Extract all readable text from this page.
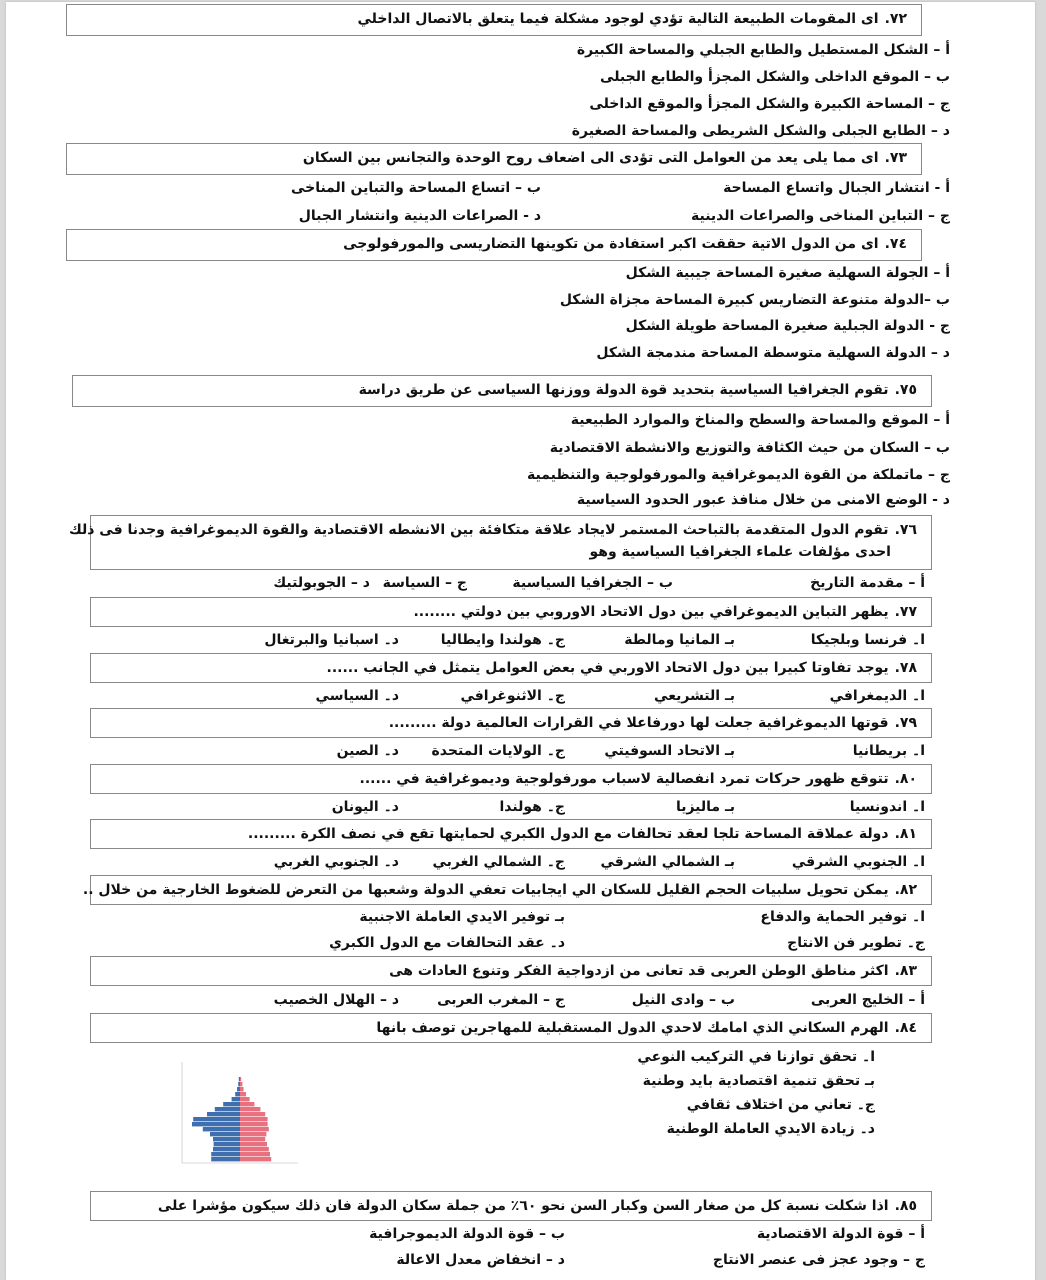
٧٢.اى المقومات الطبيعة التالية تؤدي لوجود مشكلة فيما يتعلق بالاتصال الداخلي
أ – الشكل المستطيل والطابع الجبلي والمساحة الكبيرة
ب – الموقع الداخلى والشكل المجزأ والطابع الجبلى
ج – المساحة الكبيرة والشكل المجزأ والموقع الداخلى
د – الطابع الجبلى والشكل الشريطى والمساحة الصغيرة
٧٣.اى مما يلى يعد من العوامل التى تؤدى الى اضعاف روح الوحدة والتجانس بين السكان
أ - انتشار الجبال واتساع المساحة
ب – اتساع المساحة والتباين المناخى
ج – التباين المناخى والصراعات الدينية
د - الصراعات الدينية وانتشار الجبال
٧٤.اى من الدول الاتية حققت اكبر استفادة من تكوينها التضاريسى والمورفولوجى
أ – الجولة السهلية صغيرة المساحة جيبية الشكل
ب –الدولة متنوعة التضاريس كبيرة المساحة مجزاة الشكل
ج - الدولة الجبلية صغيرة المساحة طويلة الشكل
د – الدولة السهلية متوسطة المساحة مندمجة الشكل
٧٥.تقوم الجغرافيا السياسية بتحديد قوة الدولة ووزنها السياسى عن طريق دراسة
أ – الموقع والمساحة والسطح والمناخ والموارد الطبيعية
ب – السكان من حيث الكثافة والتوزيع والانشطة الاقتصادية
ج – ماتملكة من القوة الديموغرافية والمورفولوجية والتنظيمية
د - الوضع الامنى من خلال منافذ عبور الحدود السياسية
٧٦.تقوم الدول المتقدمة بالتباحث المستمر لايجاد علاقة متكافئة بين الانشطه الاقتصادية والقوة الديموغرافية وجدنا فى ذلك
احدى مؤلفات علماء الجغرافيا السياسية وهو
أ – مقدمة التاريخ
ب – الجغرافيا السياسية
ج – السياسة
د – الجوبولتيك
٧٧.يظهر التباين الديموغرافي بين دول الاتحاد الاوروبي بين دولتي ........
ا۔ فرنسا وبلجيكا
بـ المانيا ومالطة
ج۔ هولندا وايطاليا
د۔ اسبانيا والبرتغال
٧٨.يوجد تفاوتا كبيرا بين دول الاتحاد الاوربي في بعض العوامل يتمثل في الجانب ......
ا۔ الديمغرافي
بـ التشريعي
ج۔ الاثنوغرافي
د۔ السياسي
٧٩.قوتها الديموغرافية جعلت لها دورفاعلا في القرارات العالمية دولة .........
ا۔ بريطانيا
بـ الاتحاد السوفيتي
ج۔ الولايات المتحدة
د۔ الصين
٨٠.تتوقع ظهور حركات تمرد انفصالية لاسباب مورفولوجية وديموغرافية في ......
ا۔ اندونسيا
بـ ماليزيا
ج۔ هولندا
د۔ اليونان
٨١.دولة عملاقة المساحة تلجا لعقد تحالفات مع الدول الكبري لحمايتها تقع في نصف الكرة .........
ا۔ الجنوبي الشرقي
بـ الشمالي الشرقي
ج۔ الشمالي الغربي
د۔ الجنوبي الغربي
٨٢.يمكن تحويل سلبيات الحجم القليل للسكان الي ايجابيات تعفي الدولة وشعبها من التعرض للضغوط الخارجية من خلال ..
ا۔ توفير الحماية والدفاع
بـ توفير الايدي العاملة الاجنبية
ج۔ تطوير فن الانتاج
د۔ عقد التحالفات مع الدول الكبري
٨٣.اكثر مناطق الوطن العربى قد تعانى من ازدواجية الفكر وتنوع العادات هى
أ – الخليج العربى
ب – وادى النيل
ج – المغرب العربى
د – الهلال الخصيب
٨٤.الهرم السكاني الذي امامك لاحدي الدول المستقبلية للمهاجرين توصف بانها
ا۔ تحقق توازنا في التركيب النوعي
بـ تحقق تنمية اقتصادية بايد وطنية
ج۔ تعاني من اختلاف ثقافي
د۔ زيادة الايدي العاملة الوطنية
٨٥.اذا شكلت نسبة كل من صغار السن وكبار السن نحو ٦٠٪ من جملة سكان الدولة فان ذلك سيكون مؤشرا على
أ – قوة الدولة الاقتصادية
ب – قوة الدولة الديموجرافية
ج – وجود عجز فى عنصر الانتاج
د – انخفاض معدل الاعالة
